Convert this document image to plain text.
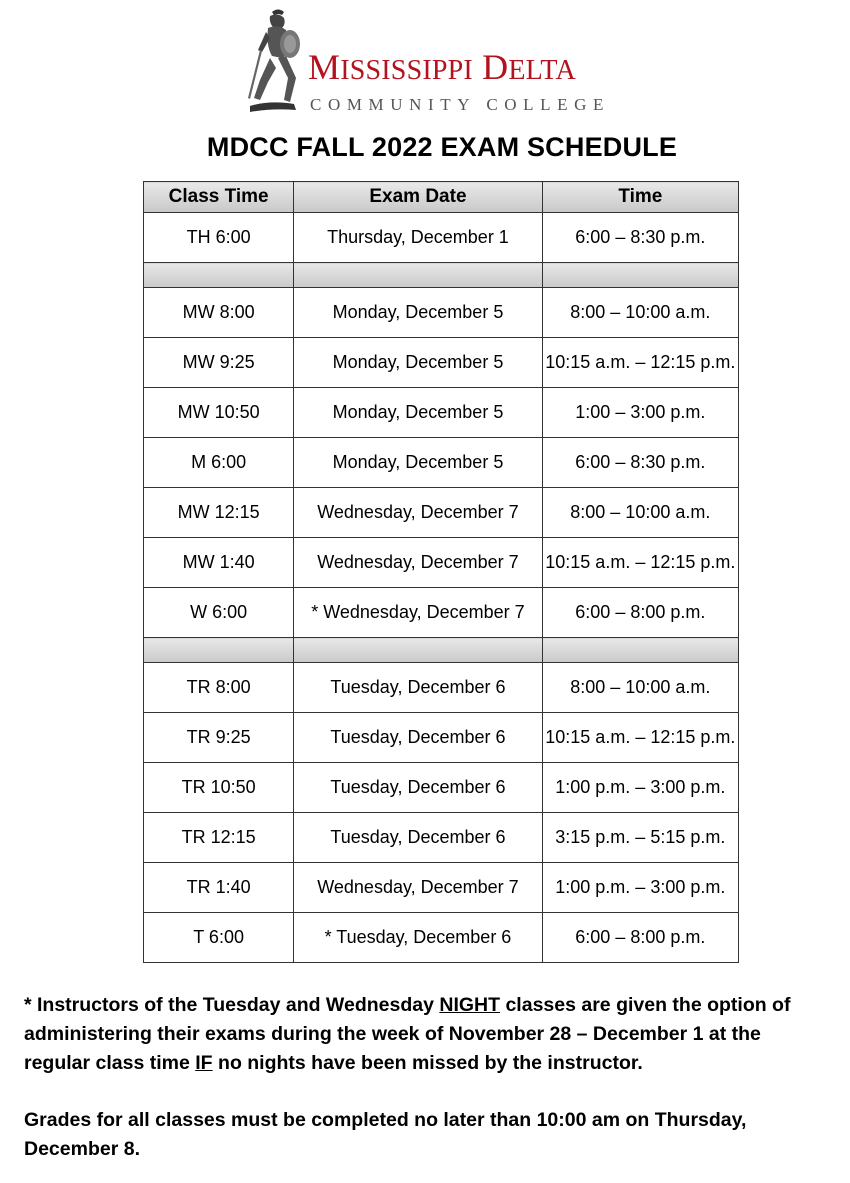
MISSISSIPPI DELTA
COMMUNITY COLLEGE
MDCC FALL 2022 EXAM SCHEDULE
Class Time	Exam Date	Time
TH 6:00	Thursday, December 1	6:00 – 8:30 p.m.

MW 8:00	Monday, December 5	8:00 – 10:00 a.m.
MW 9:25	Monday, December 5	10:15 a.m. – 12:15 p.m.
MW 10:50	Monday, December 5	1:00 – 3:00 p.m.
M 6:00	Monday, December 5	6:00 – 8:30 p.m.
MW 12:15	Wednesday, December 7	8:00 – 10:00 a.m.
MW 1:40	Wednesday, December 7	10:15 a.m. – 12:15 p.m.
W 6:00	* Wednesday, December 7	6:00 – 8:00 p.m.

TR 8:00	Tuesday, December 6	8:00 – 10:00 a.m.
TR 9:25	Tuesday, December 6	10:15 a.m. – 12:15 p.m.
TR 10:50	Tuesday, December 6	1:00 p.m. – 3:00 p.m.
TR 12:15	Tuesday, December 6	3:15 p.m. – 5:15 p.m.
TR 1:40	Wednesday, December 7	1:00 p.m. – 3:00 p.m.
T 6:00	* Tuesday, December 6	6:00 – 8:00 p.m.

* Instructors of the Tuesday and Wednesday NIGHT classes are given the option of administering their exams during the week of November 28 – December 1 at the regular class time IF no nights have been missed by the instructor.

Grades for all classes must be completed no later than 10:00 am on Thursday, December 8.
